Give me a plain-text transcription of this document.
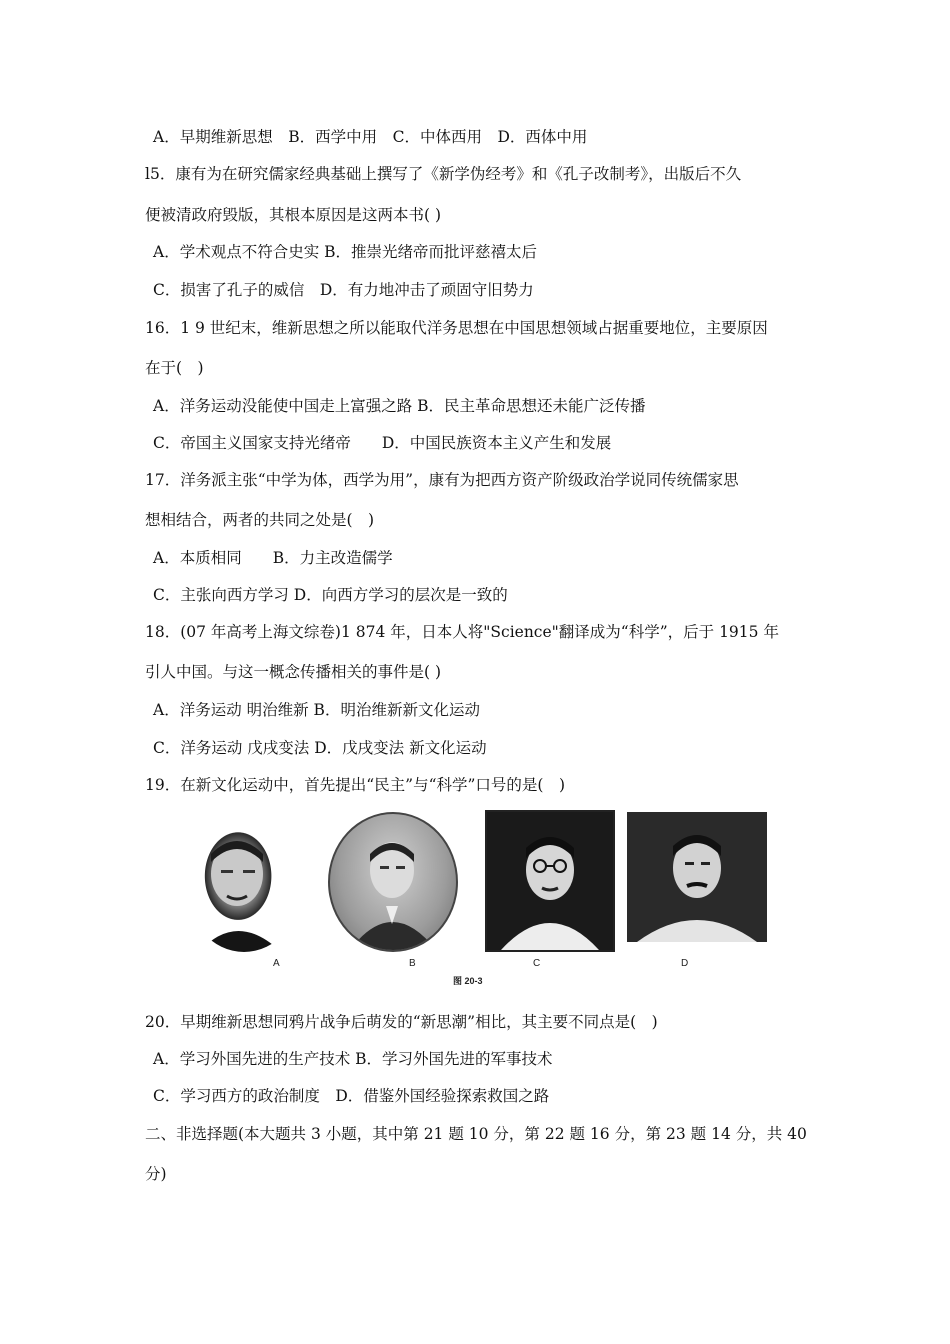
A．早期维新思想　B．西学中用　C．中体西用　D．西体中用
l5．康有为在研究儒家经典基础上撰写了《新学伪经考》和《孔子改制考》，出版后不久
便被清政府毁版，其根本原因是这两本书( )
A．学术观点不符合史实 B．推崇光绪帝而批评慈禧太后
C．损害了孔子的威信　D．有力地冲击了顽固守旧势力
16．1 9 世纪末，维新思想之所以能取代洋务思想在中国思想领域占据重要地位，主要原因
在于(　)
A．洋务运动没能使中国走上富强之路 B．民主革命思想还未能广泛传播
C．帝国主义国家支持光绪帝　　D．中国民族资本主义产生和发展
17．洋务派主张“中学为体，西学为用”，康有为把西方资产阶级政治学说同传统儒家思
想相结合，两者的共同之处是(　)
A．本质相同　　B．力主改造儒学
C．主张向西方学习 D．向西方学习的层次是一致的
18．(07 年高考上海文综卷)1 874 年，日本人将"Science"翻译成为“科学”，后于 1915 年
引人中国。与这一概念传播相关的事件是( )
A．洋务运动 明治维新 B．明治维新新文化运动
C．洋务运动 戊戌变法 D．戊戌变法 新文化运动
19．在新文化运动中，首先提出“民主”与“科学”口号的是(　)
A	B	C	D
图 20-3
20．早期维新思想同鸦片战争后萌发的“新思潮”相比，其主要不同点是(　)
A．学习外国先进的生产技术 B．学习外国先进的军事技术
C．学习西方的政治制度　D．借鉴外国经验探索救国之路
二、非选择题(本大题共 3 小题，其中第 21 题 10 分，第 22 题 16 分，第 23 题 14 分，共 40
分)
